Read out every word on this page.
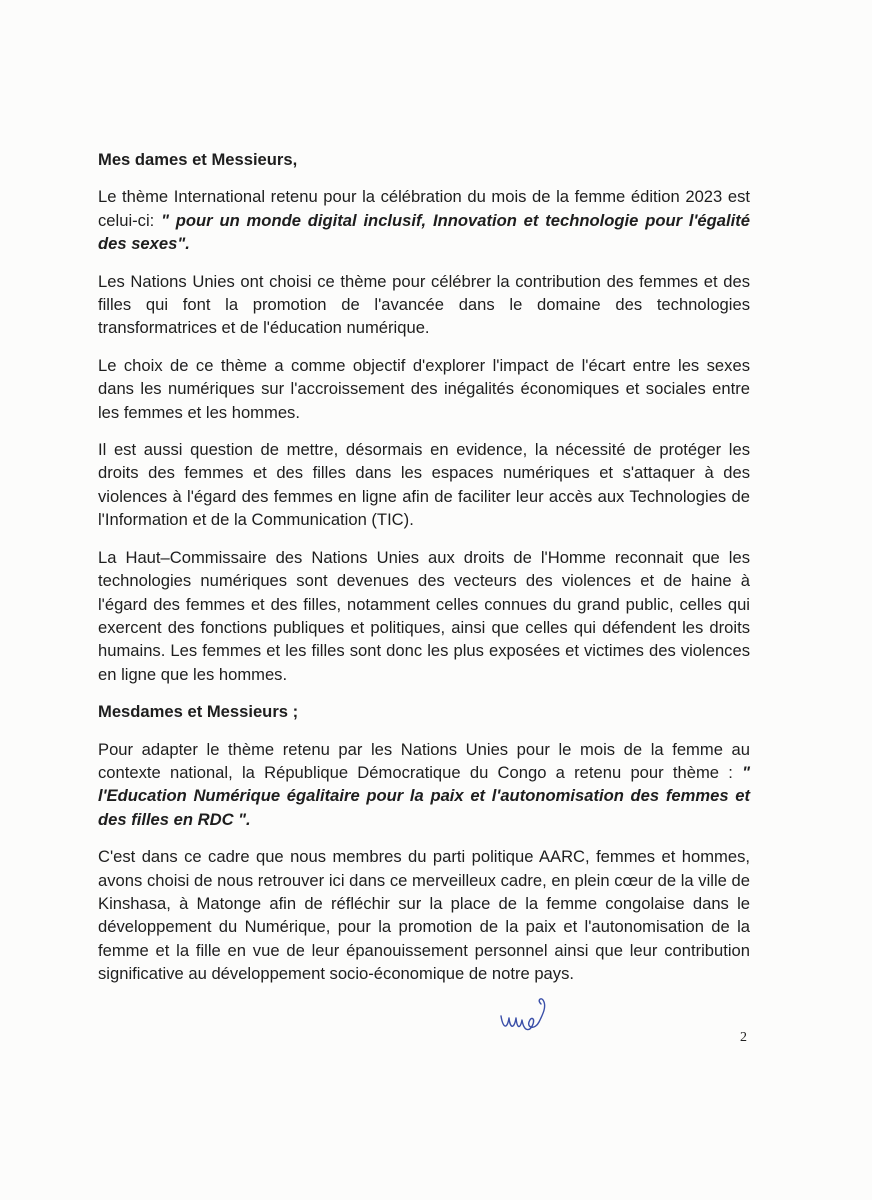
Mes dames et Messieurs,

Le thème International retenu pour la célébration du mois de la femme édition 2023 est celui-ci: " pour un monde digital inclusif, Innovation et technologie pour l'égalité des sexes".

Les Nations Unies ont choisi ce thème pour célébrer la contribution des femmes et des filles qui font la promotion de l'avancée dans le domaine des technologies transformatrices et de l'éducation numérique.

Le choix de ce thème a comme objectif d'explorer l'impact de l'écart entre les sexes dans les numériques sur l'accroissement des inégalités économiques et sociales entre les femmes et les hommes.

Il est aussi question de mettre, désormais en evidence, la nécessité de protéger les droits des femmes et des filles dans les espaces numériques et s'attaquer à des violences à l'égard des femmes en ligne afin de faciliter leur accès aux Technologies de l'Information et de la Communication (TIC).

La Haut–Commissaire des Nations Unies aux droits de l'Homme reconnait que les technologies numériques sont devenues des vecteurs des violences et de haine à l'égard des femmes et des filles, notamment celles connues du grand public, celles qui exercent des fonctions publiques et politiques, ainsi que celles qui défendent les droits humains. Les femmes et les filles sont donc les plus exposées et victimes des violences en ligne que les hommes.

Mesdames et Messieurs ;

Pour adapter le thème retenu par les Nations Unies pour le mois de la femme au contexte national, la République Démocratique du Congo a retenu pour thème : " l'Education Numérique égalitaire pour la paix et l'autonomisation des femmes et des filles en RDC ".

C'est dans ce cadre que nous membres du parti politique AARC, femmes et hommes, avons choisi de nous retrouver ici dans ce merveilleux cadre, en plein cœur de la ville de Kinshasa, à Matonge afin de réfléchir sur la place de la femme congolaise dans le développement du Numérique, pour la promotion de la paix et l'autonomisation de la femme et la fille en vue de leur épanouissement personnel ainsi que leur contribution significative au développement socio-économique de notre pays.

2
